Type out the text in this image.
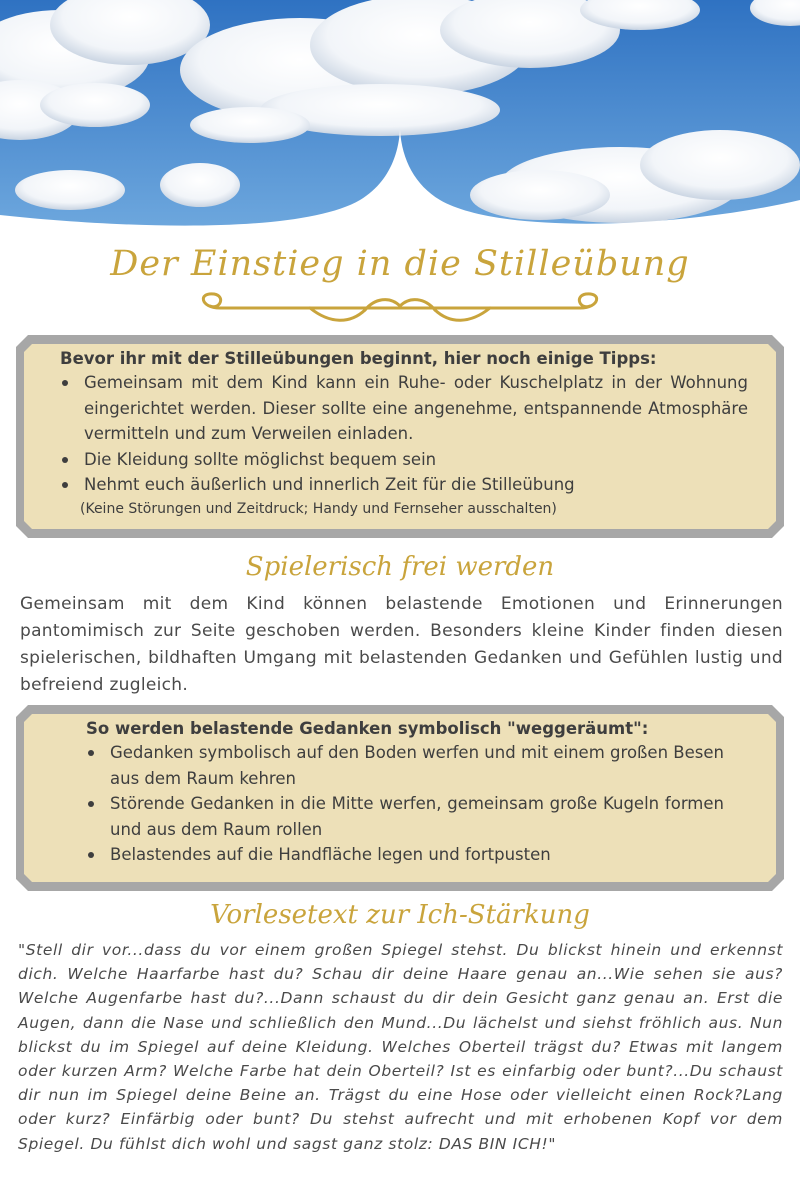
Der Einstieg in die Stilleübung
Bevor ihr mit der Stilleübungen beginnt, hier noch einige Tipps:
Gemeinsam mit dem Kind kann ein Ruhe- oder Kuschelplatz in der Wohnung eingerichtet werden. Dieser sollte eine angenehme, entspannende Atmosphäre vermitteln und zum Verweilen einladen.
Die Kleidung sollte möglichst bequem sein
Nehmt euch äußerlich und innerlich Zeit für die Stilleübung
(Keine Störungen und Zeitdruck; Handy und Fernseher ausschalten)
Spielerisch frei werden
Gemeinsam mit dem Kind können belastende Emotionen und Erinnerungen pantomimisch zur Seite geschoben werden. Besonders kleine Kinder finden diesen spielerischen, bildhaften Umgang mit belastenden Gedanken und Gefühlen lustig und befreiend zugleich.
So werden belastende Gedanken symbolisch "weggeräumt":
Gedanken symbolisch auf den Boden werfen und mit einem großen Besen aus dem Raum kehren
Störende Gedanken in die Mitte werfen, gemeinsam große Kugeln formen und aus dem Raum rollen
Belastendes auf die Handfläche legen und fortpusten
Vorlesetext zur Ich-Stärkung
"Stell dir vor...dass du vor einem großen Spiegel stehst. Du blickst hinein und erkennst dich. Welche Haarfarbe hast du? Schau dir deine Haare genau an...Wie sehen sie aus? Welche Augenfarbe hast du?...Dann schaust du dir dein Gesicht ganz genau an. Erst die Augen, dann die Nase und schließlich den Mund...Du lächelst und siehst fröhlich aus. Nun blickst du im Spiegel auf deine Kleidung. Welches Oberteil trägst du? Etwas mit langem oder kurzen Arm? Welche Farbe hat dein Oberteil? Ist es einfarbig oder bunt?...Du schaust dir nun im Spiegel deine Beine an. Trägst du eine Hose oder vielleicht einen Rock?Lang oder kurz? Einfärbig oder bunt? Du stehst aufrecht und mit erhobenen Kopf vor dem Spiegel. Du fühlst dich wohl und sagst ganz stolz: DAS BIN ICH!"
